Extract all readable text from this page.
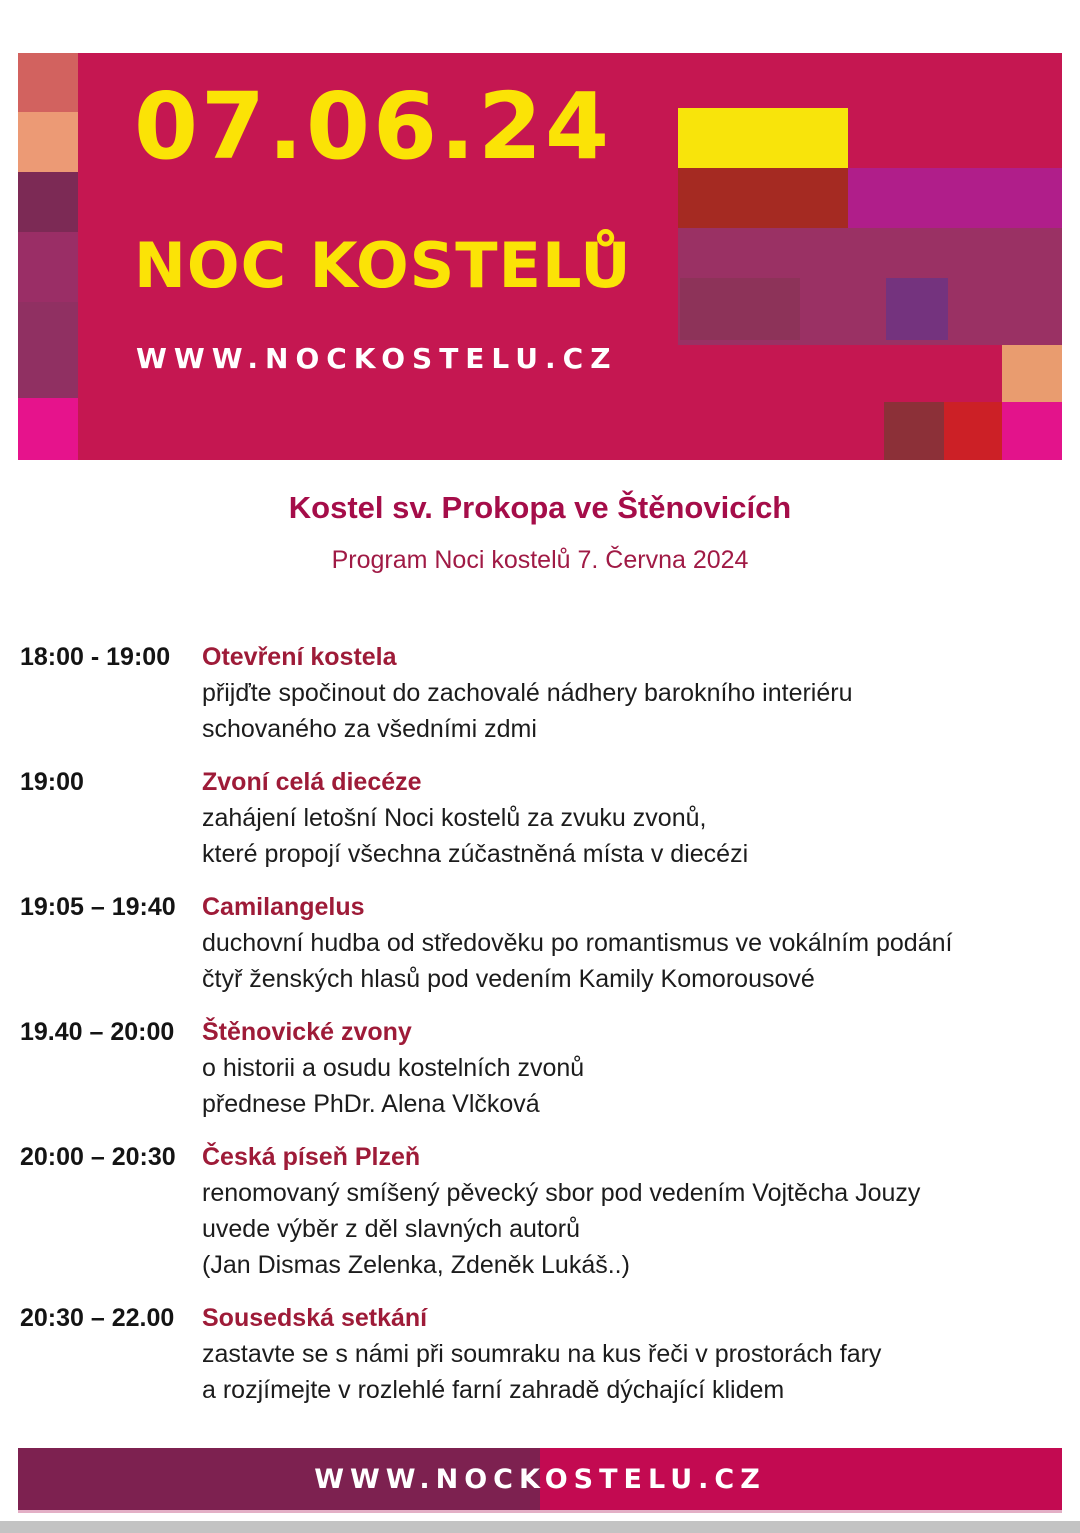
07.06.24
NOC KOSTELŮ
WWW.NOCKOSTELU.CZ
Kostel sv. Prokopa ve Štěnovicích
Program Noci kostelů 7. Června 2024
18:00 - 19:00	Otevření kostela
přijďte spočinout do zachovalé nádhery barokního interiéru
schovaného za všedními zdmi
19:00	Zvoní celá diecéze
zahájení letošní Noci kostelů za zvuku zvonů,
které propojí všechna zúčastněná místa v diecézi
19:05 – 19:40	Camilangelus
duchovní hudba od středověku po romantismus ve vokálním podání
čtyř ženských hlasů pod vedením Kamily Komorousové
19.40 – 20:00	Štěnovické zvony
o historii a osudu kostelních zvonů
přednese PhDr. Alena Vlčková
20:00 – 20:30	Česká píseň Plzeň
renomovaný smíšený pěvecký sbor pod vedením Vojtěcha Jouzy
uvede výběr z děl slavných autorů
(Jan Dismas Zelenka, Zdeněk Lukáš..)
20:30 – 22.00	Sousedská setkání
zastavte se s námi při soumraku na kus řeči v prostorách fary
a rozjímejte v rozlehlé farní zahradě dýchající klidem
WWW.NOCKOSTELU.CZ
